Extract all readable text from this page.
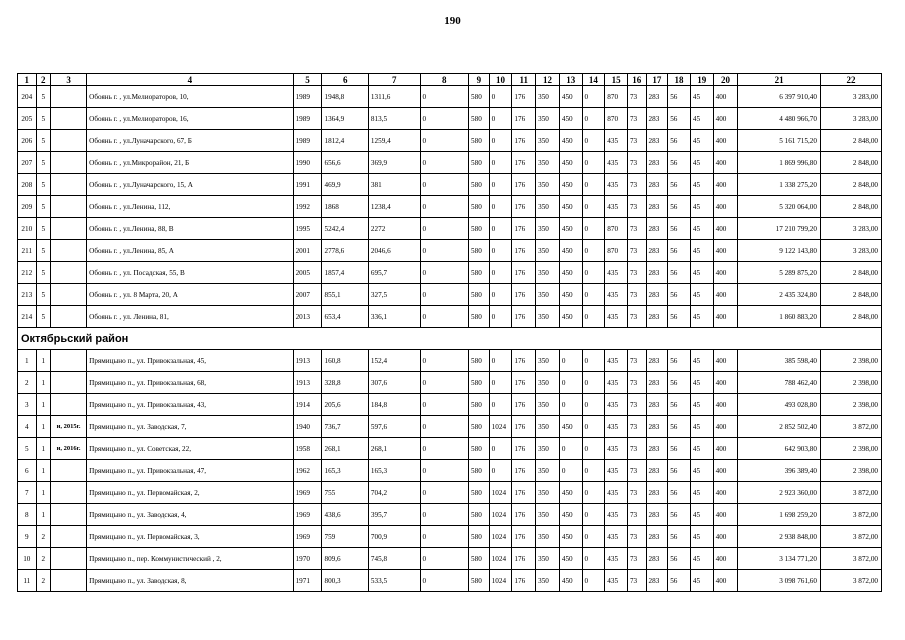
190
1	2	3	4	5	6	7	8	9	10	11	12	13	14	15	16	17	18	19	20	21	22
204	5		Обоянь г. , ул.Мелиораторов, 10,	1989	1948,8	1311,6	0	580	0	176	350	450	0	870	73	283	56	45	400	6 397 910,40	3 283,00
205	5		Обоянь г. , ул.Мелиораторов, 16,	1989	1364,9	813,5	0	580	0	176	350	450	0	870	73	283	56	45	400	4 480 966,70	3 283,00
206	5		Обоянь г. , ул.Луначарского, 67, Б	1989	1812,4	1259,4	0	580	0	176	350	450	0	435	73	283	56	45	400	5 161 715,20	2 848,00
207	5		Обоянь г. , ул.Микрорайон, 21, Б	1990	656,6	369,9	0	580	0	176	350	450	0	435	73	283	56	45	400	1 869 996,80	2 848,00
208	5		Обоянь г. , ул.Луначарского, 15, А	1991	469,9	381	0	580	0	176	350	450	0	435	73	283	56	45	400	1 338 275,20	2 848,00
209	5		Обоянь г. , ул.Ленина, 112,	1992	1868	1238,4	0	580	0	176	350	450	0	435	73	283	56	45	400	5 320 064,00	2 848,00
210	5		Обоянь г. , ул.Ленина, 88, В	1995	5242,4	2272	0	580	0	176	350	450	0	870	73	283	56	45	400	17 210 799,20	3 283,00
211	5		Обоянь г. , ул.Ленина, 85, А	2001	2778,6	2046,6	0	580	0	176	350	450	0	870	73	283	56	45	400	9 122 143,80	3 283,00
212	5		Обоянь г. , ул. Посадская, 55, В	2005	1857,4	695,7	0	580	0	176	350	450	0	435	73	283	56	45	400	5 289 875,20	2 848,00
213	5		Обоянь г. , ул. 8 Марта, 20, А	2007	855,1	327,5	0	580	0	176	350	450	0	435	73	283	56	45	400	2 435 324,80	2 848,00
214	5		Обоянь г. , ул. Ленина, 81,	2013	653,4	336,1	0	580	0	176	350	450	0	435	73	283	56	45	400	1 860 883,20	2 848,00
Октябрьский район																					
1	1		Прямицыно п., ул. Привокзальная, 45,	1913	160,8	152,4	0	580	0	176	350	0	0	435	73	283	56	45	400	385 598,40	2 398,00
2	1		Прямицыно п., ул. Привокзальная, 68,	1913	328,8	307,6	0	580	0	176	350	0	0	435	73	283	56	45	400	788 462,40	2 398,00
3	1		Прямицыно п., ул. Привокзальная, 43,	1914	205,6	184,8	0	580	0	176	350	0	0	435	73	283	56	45	400	493 028,80	2 398,00
4	1	и, 2015г.	Прямицыно п., ул. Заводская, 7,	1940	736,7	597,6	0	580	1024	176	350	450	0	435	73	283	56	45	400	2 852 502,40	3 872,00
5	1	и, 2016г.	Прямицыно п., ул. Советская, 22,	1958	268,1	268,1	0	580	0	176	350	0	0	435	73	283	56	45	400	642 903,80	2 398,00
6	1		Прямицыно п., ул. Привокзальная, 47,	1962	165,3	165,3	0	580	0	176	350	0	0	435	73	283	56	45	400	396 389,40	2 398,00
7	1		Прямицыно п., ул. Первомайская, 2,	1969	755	704,2	0	580	1024	176	350	450	0	435	73	283	56	45	400	2 923 360,00	3 872,00
8	1		Прямицыно п., ул. Заводская, 4,	1969	438,6	395,7	0	580	1024	176	350	450	0	435	73	283	56	45	400	1 698 259,20	3 872,00
9	2		Прямицыно п., ул. Первомайская, 3,	1969	759	700,9	0	580	1024	176	350	450	0	435	73	283	56	45	400	2 938 848,00	3 872,00
10	2		Прямицыно п., пер. Коммунистический , 2,	1970	809,6	745,8	0	580	1024	176	350	450	0	435	73	283	56	45	400	3 134 771,20	3 872,00
11	2		Прямицыно п., ул. Заводская, 8,	1971	800,3	533,5	0	580	1024	176	350	450	0	435	73	283	56	45	400	3 098 761,60	3 872,00
